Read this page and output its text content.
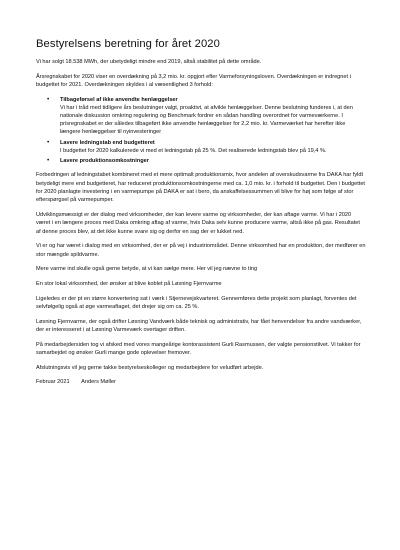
Bestyrelsens beretning for året 2020

Vi har solgt 18.538 MWh, der ubetydeligt mindre end 2019, altså stabilitet på dette område.

Årsregnskabet for 2020 viser en overdækning på 3,2 mio. kr. opgjort efter Varmeforsyningsloven. Overdækningen er indregnet i budgettet for 2021. Overdækningen skyldes i al væsentlighed 3 forhold:

• Tilbageførsel af ikke anvendte henlæggelser
Vi har i tråd med tidligere års beslutninger valgt, proaktivt, at afvikle henlæggelser. Denne beslutning funderes i, at den nationale diskussion omkring regulering og Benchmark fordrer en sådan handling overordnet for varmeværkerne. I prisregnskabet er der således tilbageført ikke anvendte henlæggelser for 2,2 mio. kr. Varmeværket har herefter ikke længere henlæggelser til nyinvesteringer
• Lavere ledningstab end budgetteret
I budgettet for 2020 kalkulerede vi med et ledningstab på 25 %. Det realiserede ledningstab blev på 19,4 %.
• Lavere produktionsomkostninger

Forbedringen af ledningstabet kombineret med et mere optimalt produktionsmix, hvor andelen af overskudsvarme fra DAKA har fyldt betydeligt mere end budgetteret, har reduceret produktionsomkostningerne med ca. 1,0 mio. kr. i forhold til budgettet. Den i budgettet for 2020 planlagte investering i en varmepumpe på DAKA er sat i bero, da anskaffelsessummen vil blive for høj som følge af stor efterspørgsel på varmepumper.

Udviklingsmæssigt er der dialog med virksomheder, der kan levere varme og virksomheder, der kan aftage varme. Vi har i 2020 været i en længere proces med Daka omkring aftag af varme, hvis Daka selv kunne producere varme, altså ikke på gas. Resultatet af denne proces blev, at det ikke kunne svare sig og derfor en sag der er lukket ned.

Vi er og har været i dialog med en virksomhed, der er på vej i industriområdet. Denne virksomhed har en produktion, der medfører en stor mængde spildvarme.

Mere varme ind skulle også gerne betyde, at vi kan sælge mere. Her vil jeg nævne to ting

En stor lokal virksomhed, der ønsker at blive koblet på Løsning Fjernvarme

Ligeledes er der pt en større konvertering sat i værk i Stjernevejskvarteret. Gennemføres dette projekt som planlagt, forventes det selvfølgelig også at øge varmeaftaget, det drejer sig om ca. 25 %.

Løsning Fjernvarme, der også drifter Løsning Vandværk både teknisk og administrativ, har fået henvendelser fra andre vandværker, der er interesseret i at Løsning Varmeværk overtager driften.

På medarbejdersiden tog vi afsked med vores mangeårige kontorassistent Gurli Rasmussen, der valgte pensionstilvet. Vi takker for samarbejdet og ønsker Gurli mange gode oplevelser fremover.

Afslutningsvis vil jeg gerne takke bestyrelseskolleger og medarbejdere for veludført arbejde.

Februar 2021 Anders Møller
